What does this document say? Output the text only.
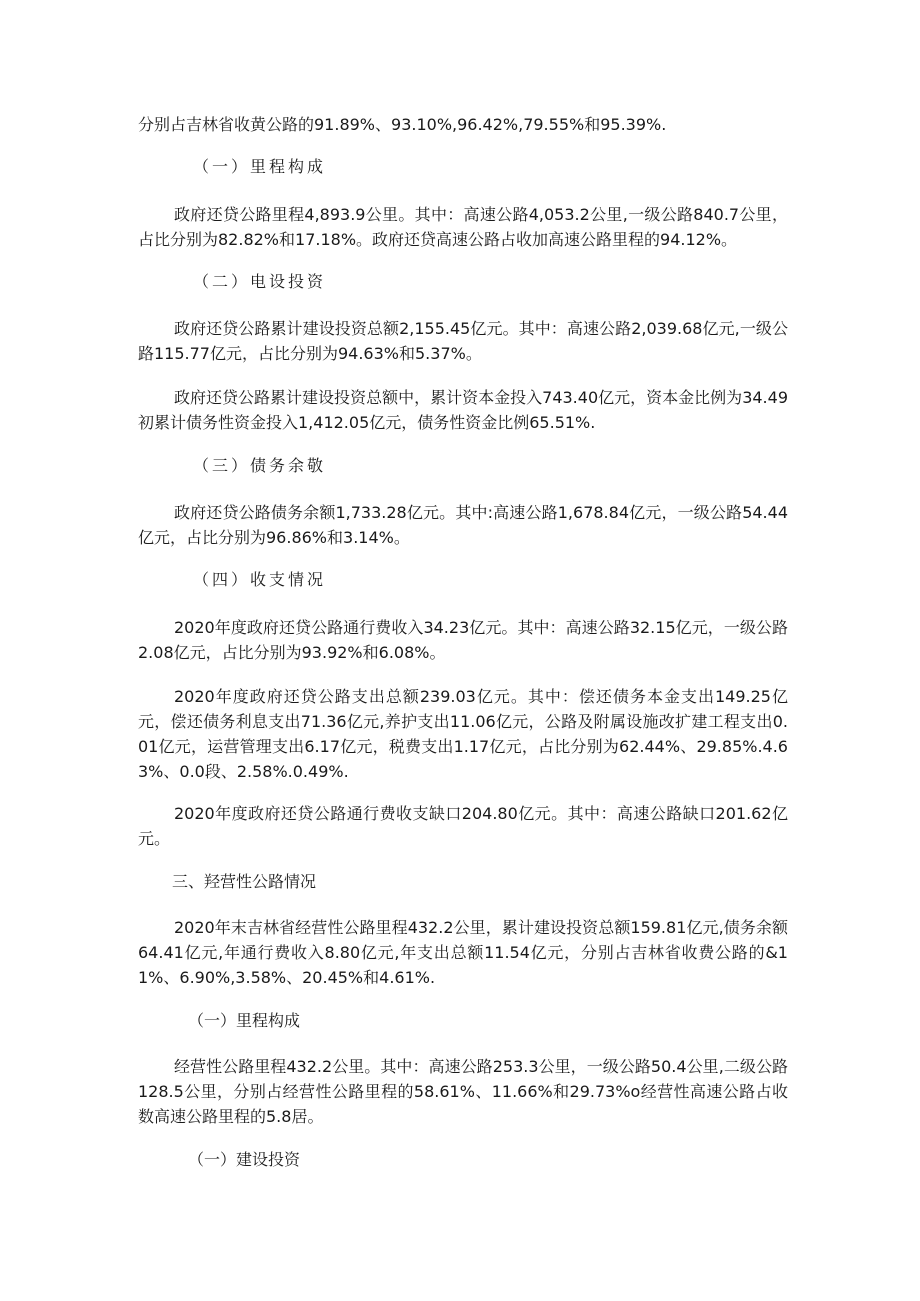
分别占吉林省收黄公路的91.89%、93.10%,96.42%,79.55%和95.39%.

（一）里程构成

政府还贷公路里程4,893.9公里。其中：高速公路4,053.2公里,一级公路840.7公里，占比分别为82.82%和17.18%。政府还贷高速公路占收加高速公路里程的94.12%。

（二）电设投资

政府还贷公路累计建设投资总额2,155.45亿元。其中：高速公路2,039.68亿元,一级公路115.77亿元，占比分别为94.63%和5.37%。

政府还贷公路累计建设投资总额中，累计资本金投入743.40亿元，资本金比例为34.49初累计债务性资金投入1,412.05亿元，债务性资金比例65.51%.

（三）债务余敬

政府还贷公路债务余额1,733.28亿元。其中:高速公路1,678.84亿元，一级公路54.44亿元，占比分别为96.86%和3.14%。

（四）收支情况

2020年度政府还贷公路通行费收入34.23亿元。其中：高速公路32.15亿元，一级公路2.08亿元，占比分别为93.92%和6.08%。

2020年度政府还贷公路支出总额239.03亿元。其中：偿还债务本金支出149.25亿元，偿还债务利息支出71.36亿元,养护支出11.06亿元，公路及附属设施改扩建工程支出0.01亿元，运营管理支出6.17亿元，税费支出1.17亿元，占比分别为62.44%、29.85%.4.63%、0.0段、2.58%.0.49%.

2020年度政府还贷公路通行费收支缺口204.80亿元。其中：高速公路缺口201.62亿元。

三、羟营性公路情况

2020年末吉林省经营性公路里程432.2公里，累计建设投资总额159.81亿元,债务余额64.41亿元,年通行费收入8.80亿元,年支出总额11.54亿元，分别占吉林省收费公路的&11%、6.90%,3.58%、20.45%和4.61%.

（一）里程构成

经营性公路里程432.2公里。其中：高速公路253.3公里，一级公路50.4公里,二级公路128.5公里，分别占经营性公路里程的58.61%、11.66%和29.73%o经营性高速公路占收数高速公路里程的5.8居。

（一）建设投资
